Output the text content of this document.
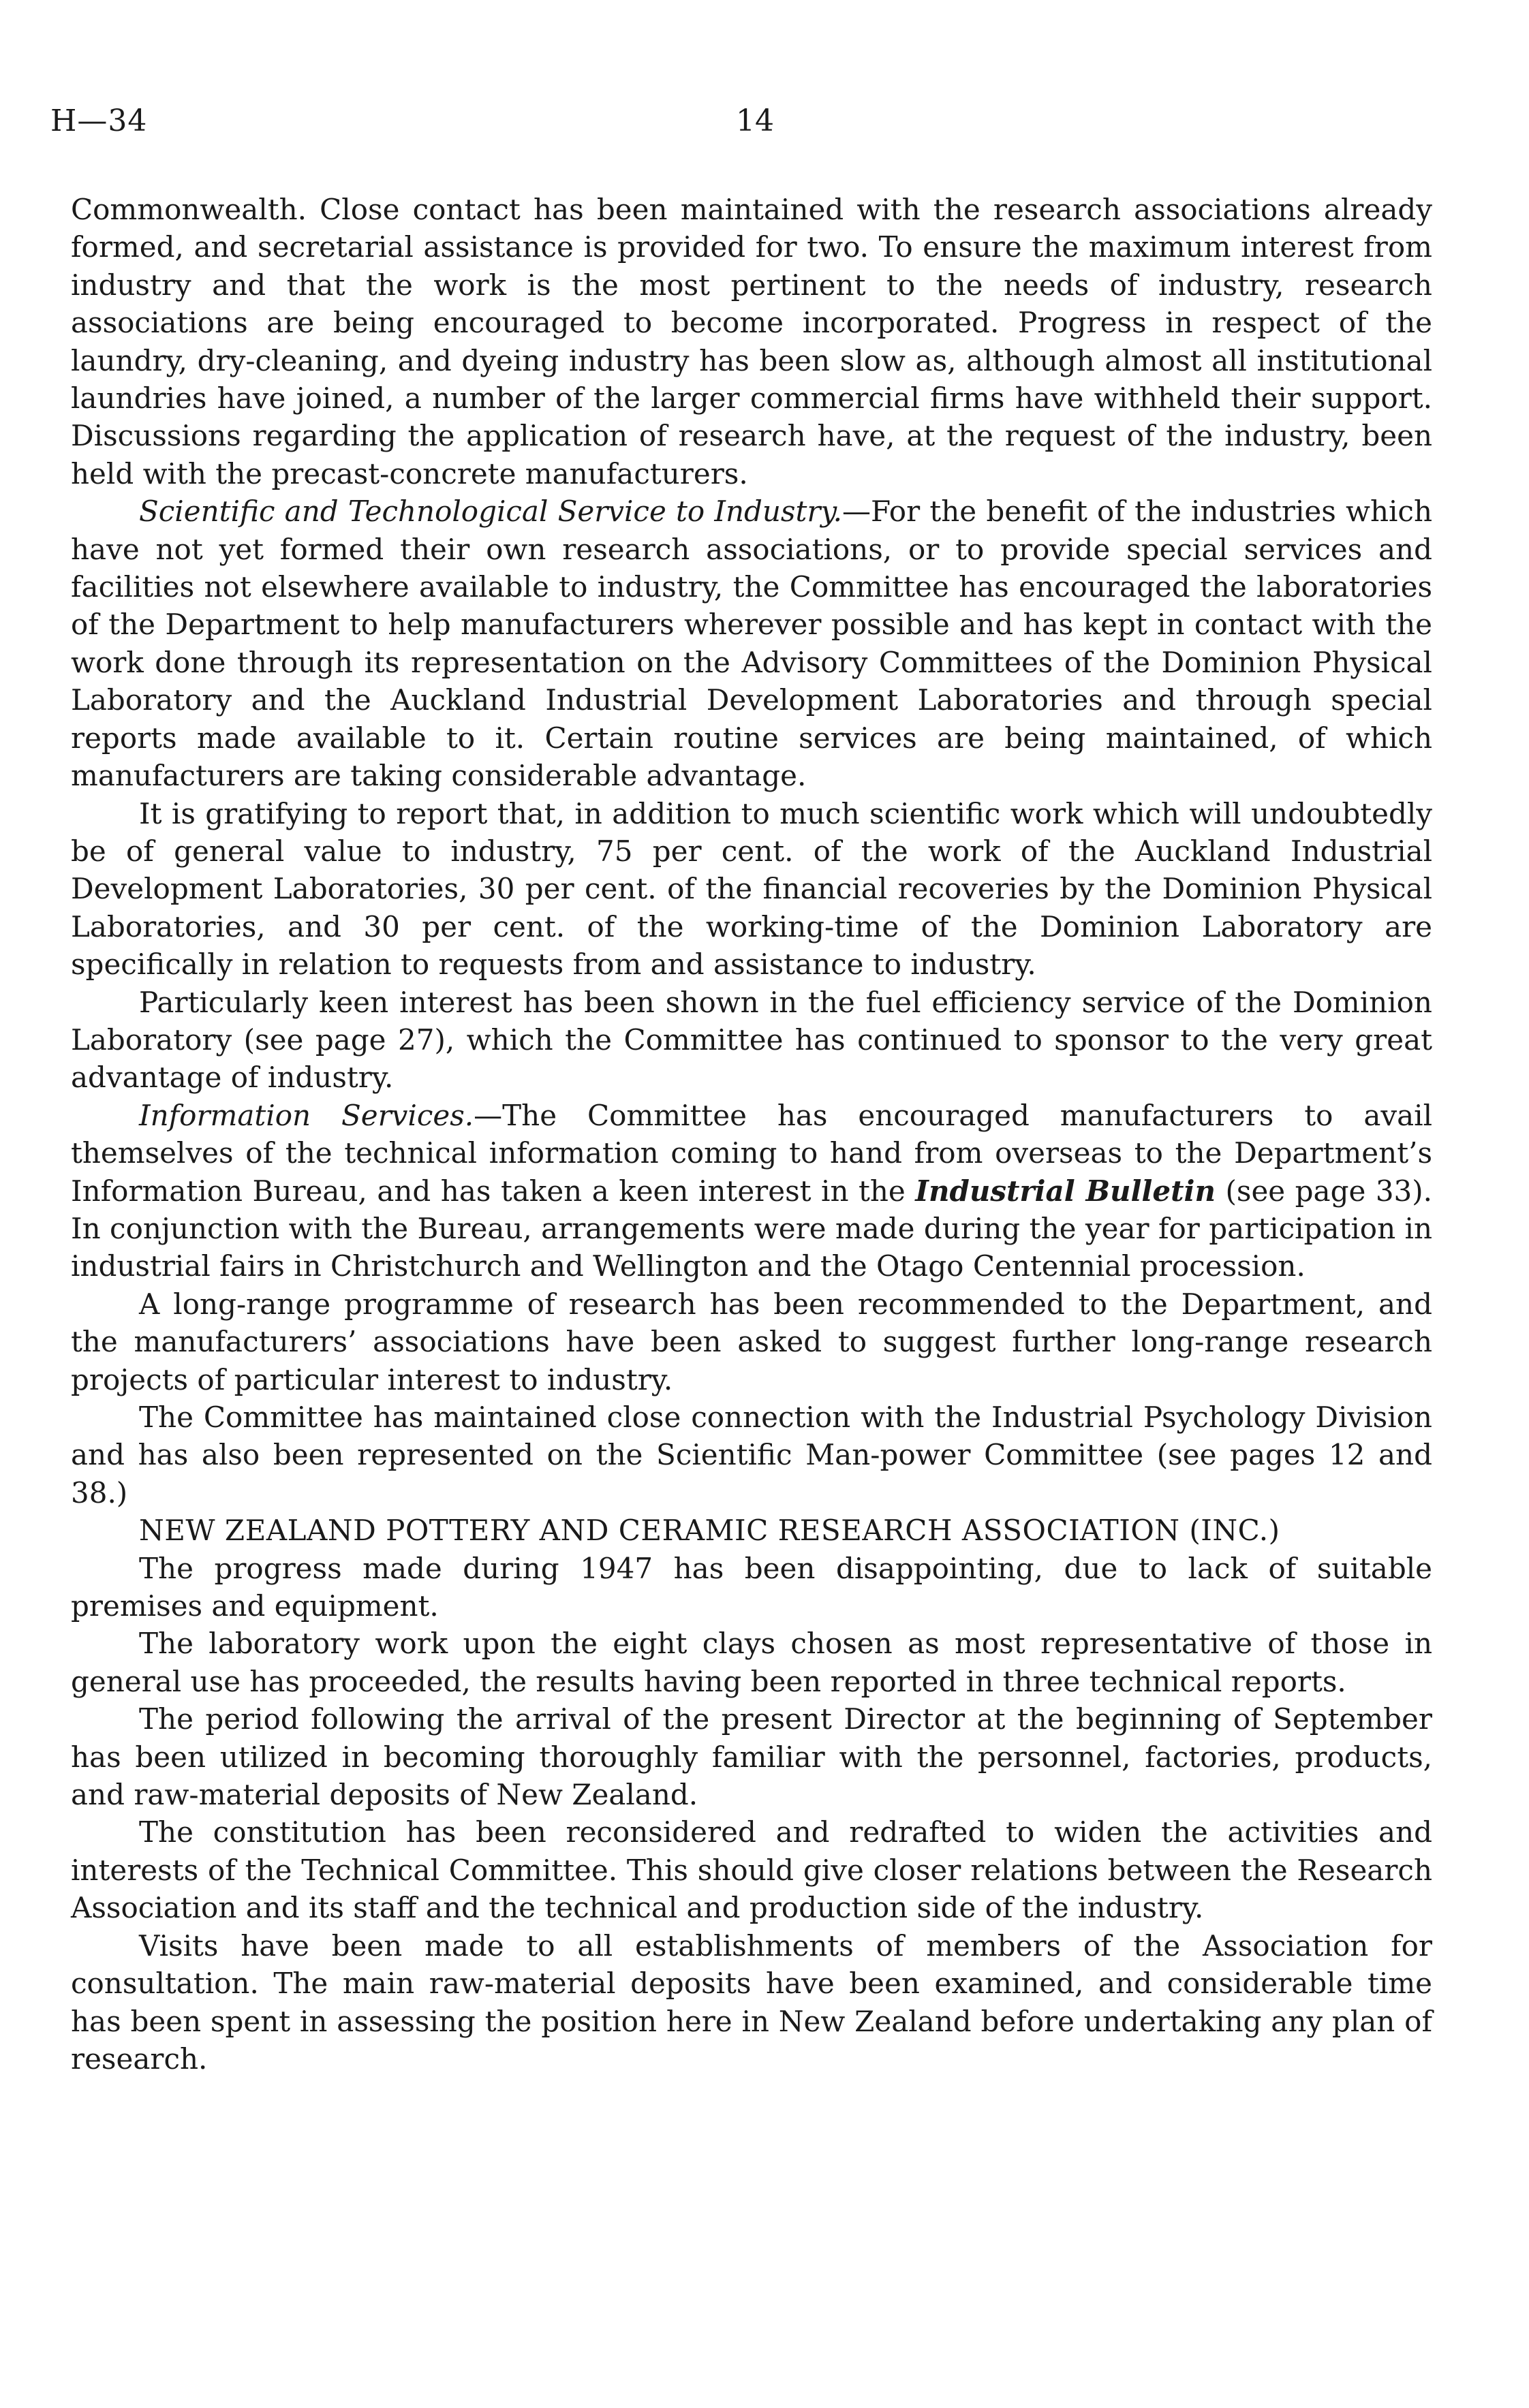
H—34	14

Commonwealth. Close contact has been maintained with the research associations already formed, and secretarial assistance is provided for two. To ensure the maximum interest from industry and that the work is the most pertinent to the needs of industry, research associations are being encouraged to become incorporated. Progress in respect of the laundry, dry-cleaning, and dyeing industry has been slow as, although almost all institutional laundries have joined, a number of the larger commercial firms have withheld their support. Discussions regarding the application of research have, at the request of the industry, been held with the precast-concrete manufacturers.

Scientific and Technological Service to Industry.—For the benefit of the industries which have not yet formed their own research associations, or to provide special services and facilities not elsewhere available to industry, the Committee has encouraged the laboratories of the Department to help manufacturers wherever possible and has kept in contact with the work done through its representation on the Advisory Committees of the Dominion Physical Laboratory and the Auckland Industrial Development Laboratories and through special reports made available to it. Certain routine services are being maintained, of which manufacturers are taking considerable advantage.

It is gratifying to report that, in addition to much scientific work which will undoubtedly be of general value to industry, 75 per cent. of the work of the Auckland Industrial Development Laboratories, 30 per cent. of the financial recoveries by the Dominion Physical Laboratories, and 30 per cent. of the working-time of the Dominion Laboratory are specifically in relation to requests from and assistance to industry.

Particularly keen interest has been shown in the fuel efficiency service of the Dominion Laboratory (see page 27), which the Committee has continued to sponsor to the very great advantage of industry.

Information Services.—The Committee has encouraged manufacturers to avail themselves of the technical information coming to hand from overseas to the Department’s Information Bureau, and has taken a keen interest in the Industrial Bulletin (see page 33). In conjunction with the Bureau, arrangements were made during the year for participation in industrial fairs in Christchurch and Wellington and the Otago Centennial procession.

A long-range programme of research has been recommended to the Department, and the manufacturers’ associations have been asked to suggest further long-range research projects of particular interest to industry.

The Committee has maintained close connection with the Industrial Psychology Division and has also been represented on the Scientific Man-power Committee (see pages 12 and 38.)

NEW ZEALAND POTTERY AND CERAMIC RESEARCH ASSOCIATION (INC.)

The progress made during 1947 has been disappointing, due to lack of suitable premises and equipment.

The laboratory work upon the eight clays chosen as most representative of those in general use has proceeded, the results having been reported in three technical reports.

The period following the arrival of the present Director at the beginning of September has been utilized in becoming thoroughly familiar with the personnel, factories, products, and raw-material deposits of New Zealand.

The constitution has been reconsidered and redrafted to widen the activities and interests of the Technical Committee. This should give closer relations between the Research Association and its staff and the technical and production side of the industry.

Visits have been made to all establishments of members of the Association for consultation. The main raw-material deposits have been examined, and considerable time has been spent in assessing the position here in New Zealand before undertaking any plan of research.
